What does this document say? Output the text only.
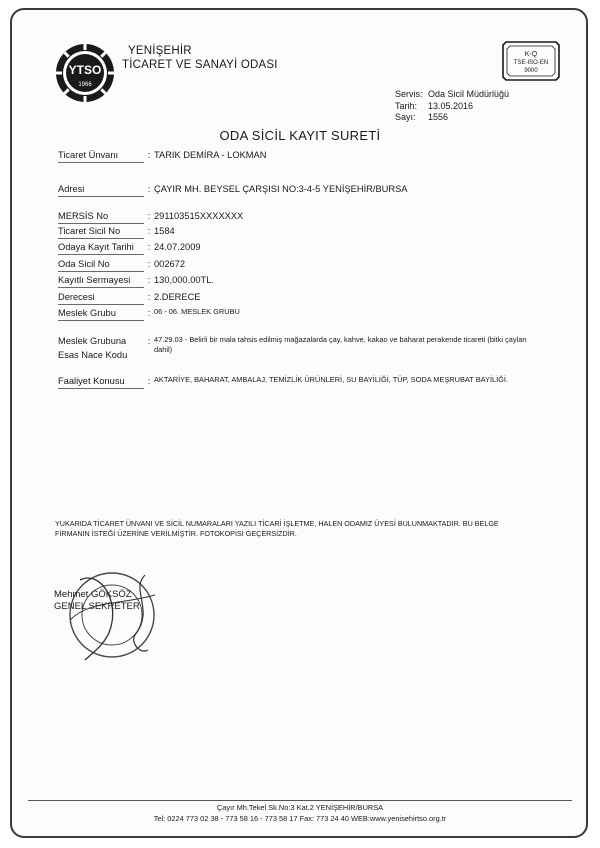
YTSO
1966
YENİŞEHİR
TİCARET VE SANAYİ ODASI
K-Q
TSE-ISO-EN
9000
Servis: Oda Sicil Müdürlüğü
Tarih:	13.05.2016
Sayı:	1556
ODA SİCİL KAYIT SURETİ
Ticaret Ünvanı	: TARIK DEMİRA - LOKMAN
Adresi	: ÇAYIR MH. BEYSEL ÇARŞISI NO:3-4-5 YENİŞEHİR/BURSA
MERSİS No	: 291103515XXXXXXX
Ticaret Sicil No	: 1584
Odaya Kayıt Tarihi	: 24.07.2009
Oda Sicil No	: 002672
Kayıtlı Sermayesi	: 130,000.00TL.
Derecesi	: 2.DERECE
Meslek Grubu	: 06 - 06. MESLEK GRUBU
Meslek Grubuna
Esas Nace Kodu
: 47.29.03 - Belirli bir mala tahsis edilmiş mağazalarda çay, kahve, kakao ve baharat perakende ticareti (bitki çayları dahil)
Faaliyet Konusu	: AKTARİYE, BAHARAT, AMBALAJ, TEMİZLİK ÜRÜNLERİ, SU BAYİLİĞİ, TÜP, SODA MEŞRUBAT BAYİLİĞİ.
YUKARIDA TİCARET ÜNVANI VE SİCİL NUMARALARI YAZILI TİCARİ İŞLETME, HALEN ODAMIZ ÜYESİ BULUNMAKTADIR. BU BELGE
FİRMANIN İSTEĞİ ÜZERİNE VERİLMİŞTİR. FOTOKOPİSİ GEÇERSİZDİR.
Mehmet GÖKSÖZ
GENEL SEKRETER
Çayır Mh.Tekel Sk.No:3 Kat.2 YENİŞEHİR/BURSA
Tel: 0224 773 02 38 - 773 58 16 - 773 58 17 Fax: 773 24 40 WEB:www.yenisehirtso.org.tr
